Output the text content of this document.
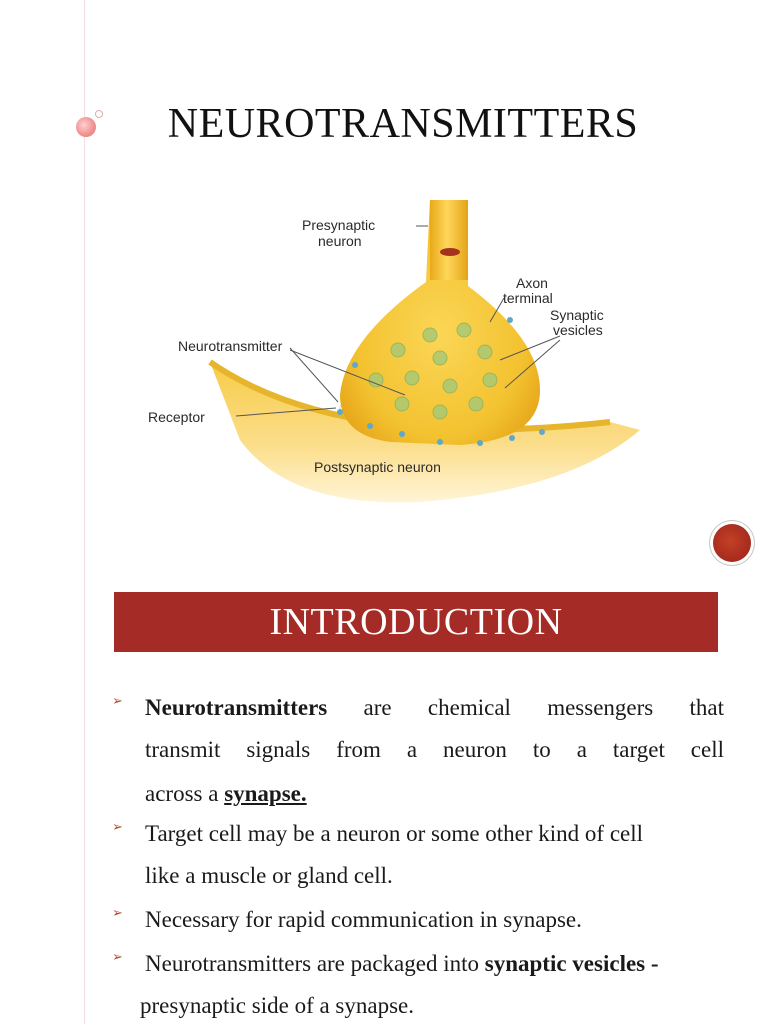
NEUROTRANSMITTERS
Presynaptic
neuron
Axon
terminal
Synaptic
vesicles
Neurotransmitter
Receptor
Postsynaptic neuron
INTRODUCTION
➢ Neurotransmitters are chemical messengers that
transmit signals from a neuron to a target cell
across a synapse.
➢ Target cell may be a neuron or some other kind of cell
like a muscle or gland cell.
➢ Necessary for rapid communication in synapse.
➢ Neurotransmitters are packaged into synaptic vesicles -
presynaptic side of a synapse.
